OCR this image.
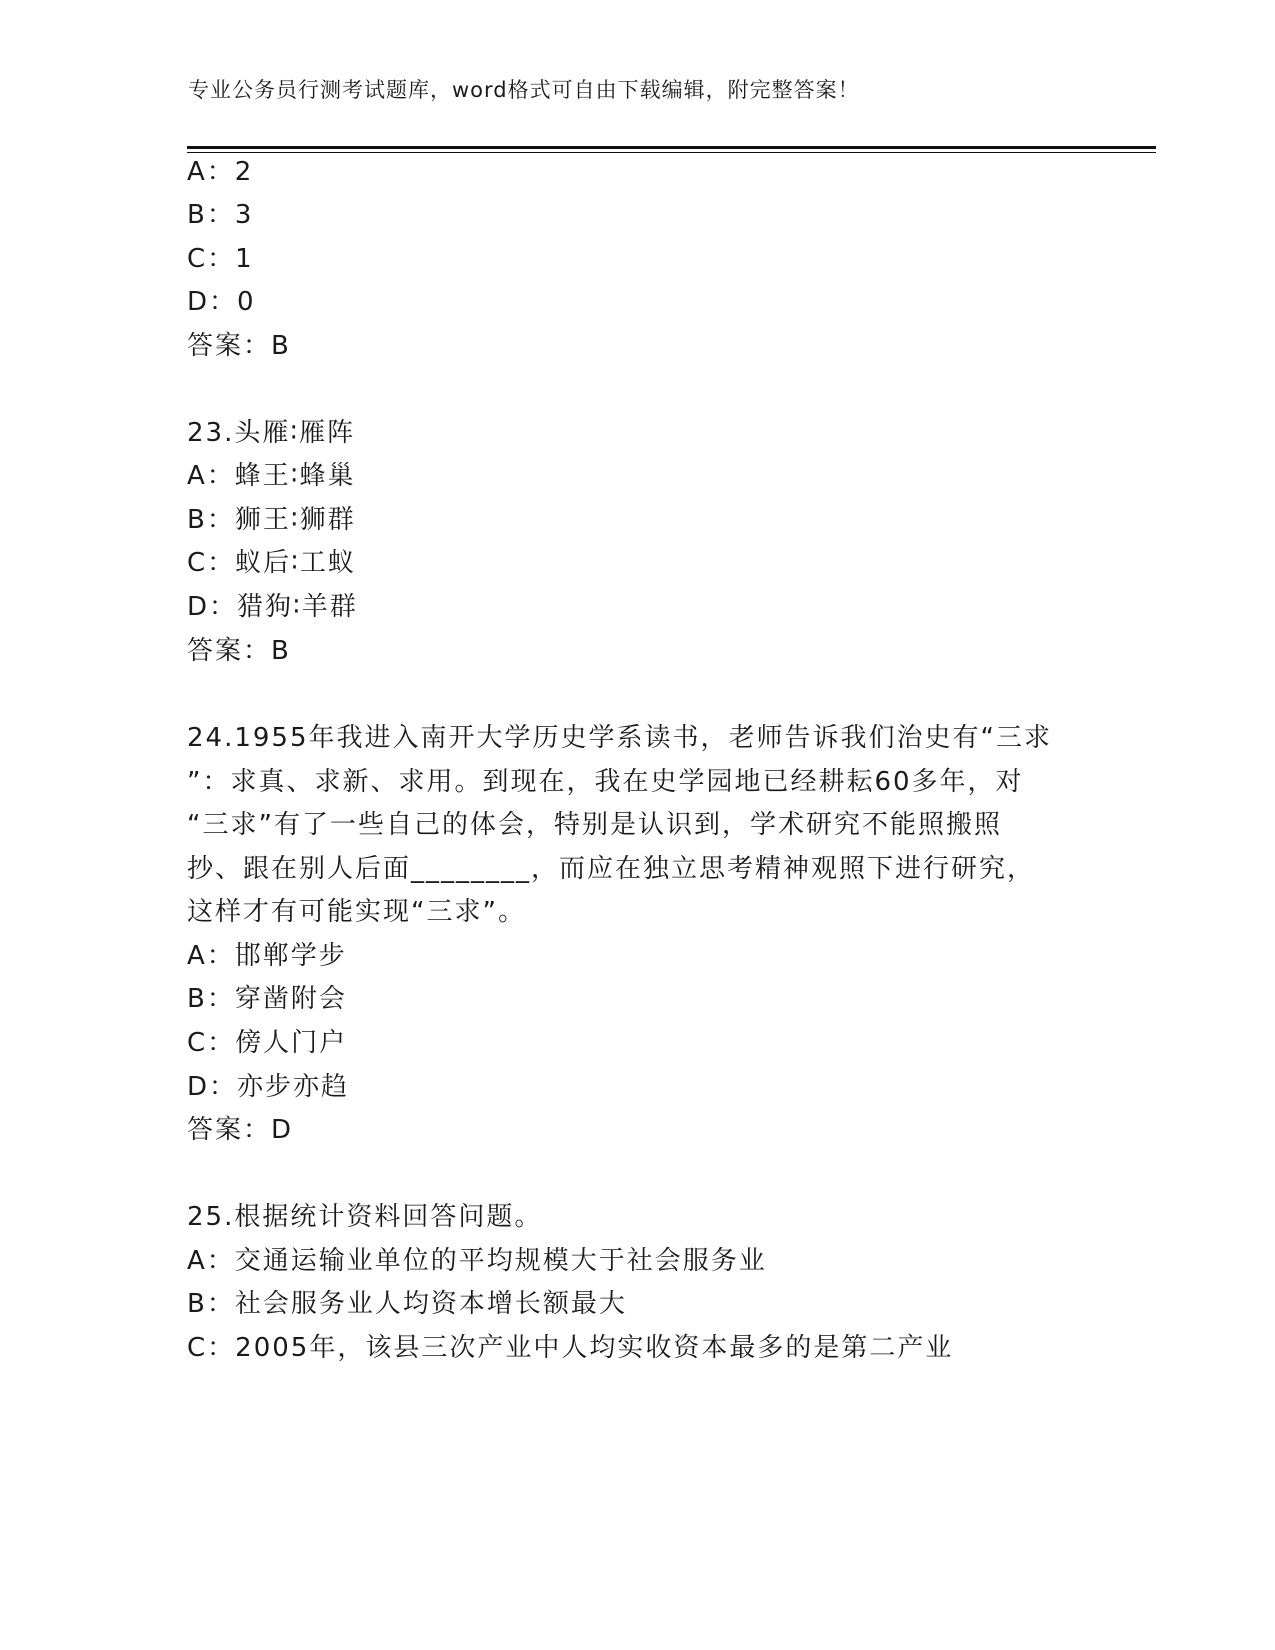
专业公务员行测考试题库，word格式可自由下载编辑，附完整答案！
A：2
B：3
C：1
D：0
答案：B
23.头雁∶雁阵
A：蜂王∶蜂巢
B：狮王∶狮群
C：蚁后∶工蚁
D：猎狗∶羊群
答案：B
24.1955年我进入南开大学历史学系读书，老师告诉我们治史有“三求
”：求真、求新、求用。到现在，我在史学园地已经耕耘60多年，对
“三求”有了一些自己的体会，特别是认识到，学术研究不能照搬照
抄、跟在别人后面________，而应在独立思考精神观照下进行研究，
这样才有可能实现“三求”。
A：邯郸学步
B：穿凿附会
C：傍人门户
D：亦步亦趋
答案：D
25.根据统计资料回答问题。
A：交通运输业单位的平均规模大于社会服务业
B：社会服务业人均资本增长额最大
C：2005年，该县三次产业中人均实收资本最多的是第二产业
